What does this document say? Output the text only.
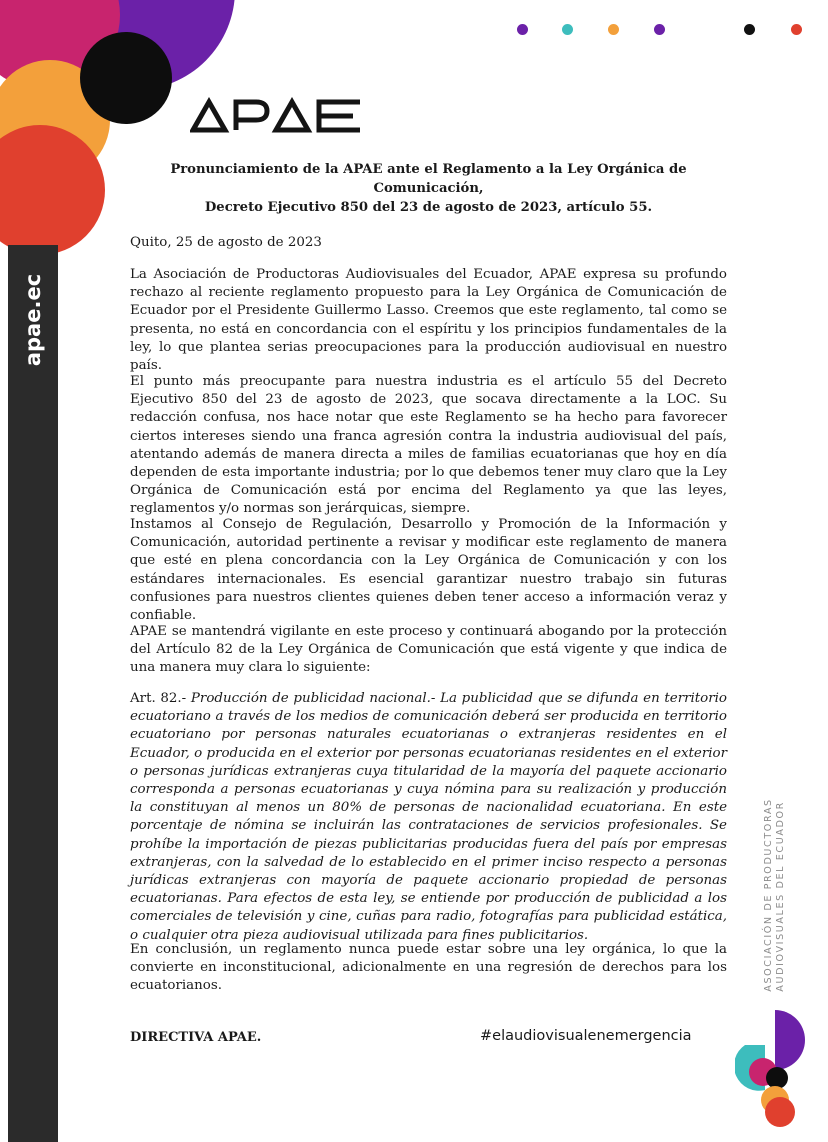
apae.ec

Pronunciamiento de la APAE ante el Reglamento a la Ley Orgánica de Comunicación,

Decreto Ejecutivo 850 del 23 de agosto de 2023, artículo 55.

Quito, 25 de agosto de 2023

La Asociación de Productoras Audiovisuales del Ecuador, APAE expresa su profundo rechazo al reciente reglamento propuesto para la Ley Orgánica de Comunicación de Ecuador por el Presidente Guillermo Lasso. Creemos que este reglamento, tal como se presenta, no está en concordancia con el espíritu y los principios fundamentales de la ley, lo que plantea serias preocupaciones para la producción audiovisual en nuestro país.

El punto más preocupante para nuestra industria es el artículo 55 del Decreto Ejecutivo 850 del 23 de agosto de 2023, que socava directamente a la LOC. Su redacción confusa, nos hace notar que este Reglamento se ha hecho para favorecer ciertos intereses siendo una franca agresión contra la industria audiovisual del país, atentando además de manera directa a miles de familias ecuatorianas que hoy en día dependen de esta importante industria; por lo que debemos tener muy claro que la Ley Orgánica de Comunicación está por encima del Reglamento ya que las leyes, reglamentos y/o normas son jerárquicas, siempre.

Instamos al Consejo de Regulación, Desarrollo y Promoción de la Información y Comunicación, autoridad pertinente a revisar y modificar este reglamento de manera que esté en plena concordancia con la Ley Orgánica de Comunicación y con los estándares internacionales. Es esencial garantizar nuestro trabajo sin futuras confusiones para nuestros clientes quienes deben tener acceso a información veraz y confiable.

APAE se mantendrá vigilante en este proceso y continuará abogando por la protección del Artículo 82 de la Ley Orgánica de Comunicación que está vigente y que indica de una manera muy clara lo siguiente:

Art. 82.- Producción de publicidad nacional.- La publicidad que se difunda en territorio ecuatoriano a través de los medios de comunicación deberá ser producida en territorio ecuatoriano por personas naturales ecuatorianas o extranjeras residentes en el Ecuador, o producida en el exterior por personas ecuatorianas residentes en el exterior o personas jurídicas extranjeras cuya titularidad de la mayoría del paquete accionario corresponda a personas ecuatorianas y cuya nómina para su realización y producción la constituyan al menos un 80% de personas de nacionalidad ecuatoriana. En este porcentaje de nómina se incluirán las contrataciones de servicios profesionales. Se prohíbe la importación de piezas publicitarias producidas fuera del país por empresas extranjeras, con la salvedad de lo establecido en el primer inciso respecto a personas jurídicas extranjeras con mayoría de paquete accionario propiedad de personas ecuatorianas. Para efectos de esta ley, se entiende por producción de publicidad a los comerciales de televisión y cine, cuñas para radio, fotografías para publicidad estática, o cualquier otra pieza audiovisual utilizada para fines publicitarios.

En conclusión, un reglamento nunca puede estar sobre una ley orgánica, lo que la convierte en inconstitucional, adicionalmente en una regresión de derechos para los ecuatorianos.

DIRECTIVA APAE.	#elaudiovisualenemergencia
ASOCIACIÓN DE PRODUCTORAS AUDIOVISUALES DEL ECUADOR
